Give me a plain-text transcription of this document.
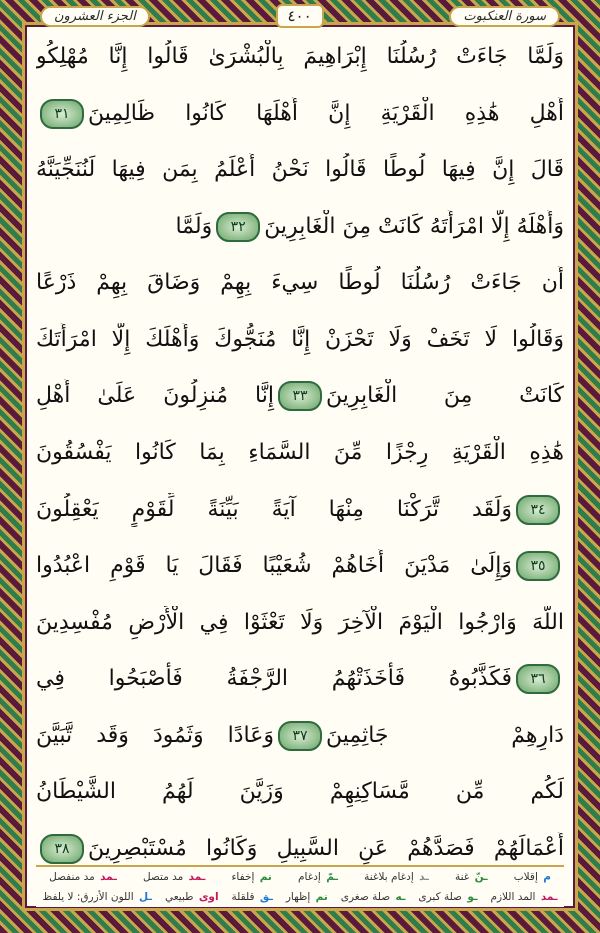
الجزء العشرون	٤٠٠	سورة العنكبوت
وَلَمَّا جَاءَتْ رُسُلُنَا إِبْرَاهِيمَ بِالْبُشْرَىٰ قَالُوا إِنَّا مُهْلِكُو
أَهْلِ هَٰذِهِ الْقَرْيَةِ إِنَّ أَهْلَهَا كَانُوا ظَالِمِينَ
٣١
قَالَ إِنَّ فِيهَا لُوطًا قَالُوا نَحْنُ أَعْلَمُ بِمَن فِيهَا لَنُنَجِّيَنَّهُ
وَأَهْلَهُ إِلَّا امْرَأَتَهُ كَانَتْ مِنَ الْغَابِرِينَ
٣٢
وَلَمَّا
أَن جَاءَتْ رُسُلُنَا لُوطًا سِيءَ بِهِمْ وَضَاقَ بِهِمْ ذَرْعًا
وَقَالُوا لَا تَخَفْ وَلَا تَحْزَنْ إِنَّا مُنَجُّوكَ وَأَهْلَكَ إِلَّا امْرَأَتَكَ
كَانَتْ مِنَ الْغَابِرِينَ
٣٣
إِنَّا مُنزِلُونَ عَلَىٰ أَهْلِ
هَٰذِهِ الْقَرْيَةِ رِجْزًا مِّنَ السَّمَاءِ بِمَا كَانُوا يَفْسُقُونَ
٣٤
وَلَقَد تَّرَكْنَا مِنْهَا آيَةً بَيِّنَةً لِّقَوْمٍ يَعْقِلُونَ
٣٥
وَإِلَىٰ مَدْيَنَ أَخَاهُمْ شُعَيْبًا فَقَالَ يَا قَوْمِ اعْبُدُوا
اللَّهَ وَارْجُوا الْيَوْمَ الْآخِرَ وَلَا تَعْثَوْا فِي الْأَرْضِ مُفْسِدِينَ
٣٦
فَكَذَّبُوهُ فَأَخَذَتْهُمُ الرَّجْفَةُ فَأَصْبَحُوا فِي
دَارِهِمْ جَاثِمِينَ
٣٧
وَعَادًا وَثَمُودَ وَقَد تَّبَيَّنَ
لَكُم مِّن مَّسَاكِنِهِمْ وَزَيَّنَ لَهُمُ الشَّيْطَانُ
أَعْمَالَهُمْ فَصَدَّهُمْ عَنِ السَّبِيلِ وَكَانُوا مُسْتَبْصِرِينَ
٣٨
م إقلاب
ـنّ غنة
ـد إدغام بلاغنة
ـمّ إدغام
نم إخفاء
ـمد مد متصل
ـمد مد منفصل
ـمد المد اللازم
ـو صلة كبرى
ـه صلة صغرى
نم إظهار
ـق قلقلة
اوى طبيعي
ـل اللون الأزرق: لا يلفظ
